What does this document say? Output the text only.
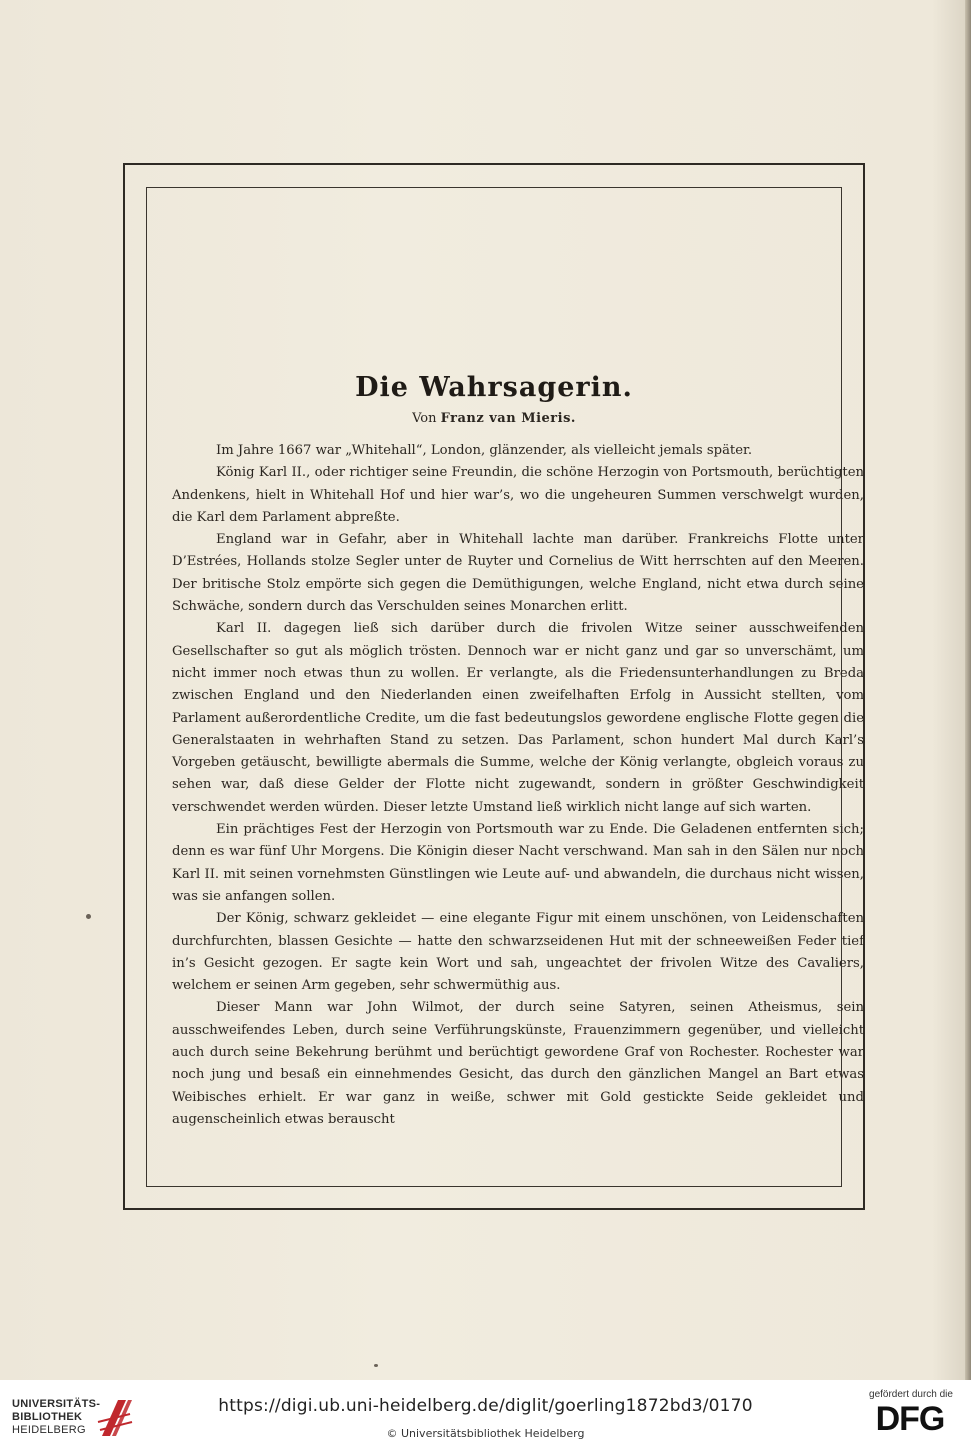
Die Wahrsagerin.
Von Franz van Mieris.

Im Jahre 1667 war „Whitehall“, London, glänzender, als vielleicht jemals später.

König Karl II., oder richtiger seine Freundin, die schöne Herzogin von Portsmouth, berüchtigten Andenkens, hielt in Whitehall Hof und hier war’s, wo die ungeheuren Summen verschwelgt wurden, die Karl dem Parlament abpreßte.

England war in Gefahr, aber in Whitehall lachte man darüber. Frankreichs Flotte unter D’Estrées, Hollands stolze Segler unter de Ruyter und Cornelius de Witt herrschten auf den Meeren. Der britische Stolz empörte sich gegen die Demüthigungen, welche England, nicht etwa durch seine Schwäche, sondern durch das Verschulden seines Monarchen erlitt.

Karl II. dagegen ließ sich darüber durch die frivolen Witze seiner ausschweifenden Gesellschafter so gut als möglich trösten. Dennoch war er nicht ganz und gar so unverschämt, um nicht immer noch etwas thun zu wollen. Er verlangte, als die Friedensunterhandlungen zu Breda zwischen England und den Niederlanden einen zweifelhaften Erfolg in Aussicht stellten, vom Parlament außerordentliche Credite, um die fast bedeutungslos gewordene englische Flotte gegen die Generalstaaten in wehrhaften Stand zu setzen. Das Parlament, schon hundert Mal durch Karl’s Vorgeben getäuscht, bewilligte abermals die Summe, welche der König verlangte, obgleich voraus zu sehen war, daß diese Gelder der Flotte nicht zugewandt, sondern in größter Geschwindigkeit verschwendet werden würden. Dieser letzte Umstand ließ wirklich nicht lange auf sich warten.

Ein prächtiges Fest der Herzogin von Portsmouth war zu Ende. Die Geladenen entfernten sich; denn es war fünf Uhr Morgens. Die Königin dieser Nacht verschwand. Man sah in den Sälen nur noch Karl II. mit seinen vornehmsten Günstlingen wie Leute auf- und abwandeln, die durchaus nicht wissen, was sie anfangen sollen.

Der König, schwarz gekleidet — eine elegante Figur mit einem unschönen, von Leidenschaften durchfurchten, blassen Gesichte — hatte den schwarzseidenen Hut mit der schneeweißen Feder tief in’s Gesicht gezogen. Er sagte kein Wort und sah, ungeachtet der frivolen Witze des Cavaliers, welchem er seinen Arm gegeben, sehr schwermüthig aus.

Dieser Mann war John Wilmot, der durch seine Satyren, seinen Atheismus, sein ausschweifendes Leben, durch seine Verführungskünste, Frauenzimmern gegenüber, und vielleicht auch durch seine Bekehrung berühmt und berüchtigt gewordene Graf von Rochester. Rochester war noch jung und besaß ein einnehmendes Gesicht, das durch den gänzlichen Mangel an Bart etwas Weibisches erhielt. Er war ganz in weiße, schwer mit Gold gestickte Seide gekleidet und augenscheinlich etwas berauscht

UNIVERSITÄTS-
BIBLIOTHEK
HEIDELBERG
https://digi.ub.uni-heidelberg.de/diglit/goerling1872bd3/0170
© Universitätsbibliothek Heidelberg
gefördert durch die
DFG
